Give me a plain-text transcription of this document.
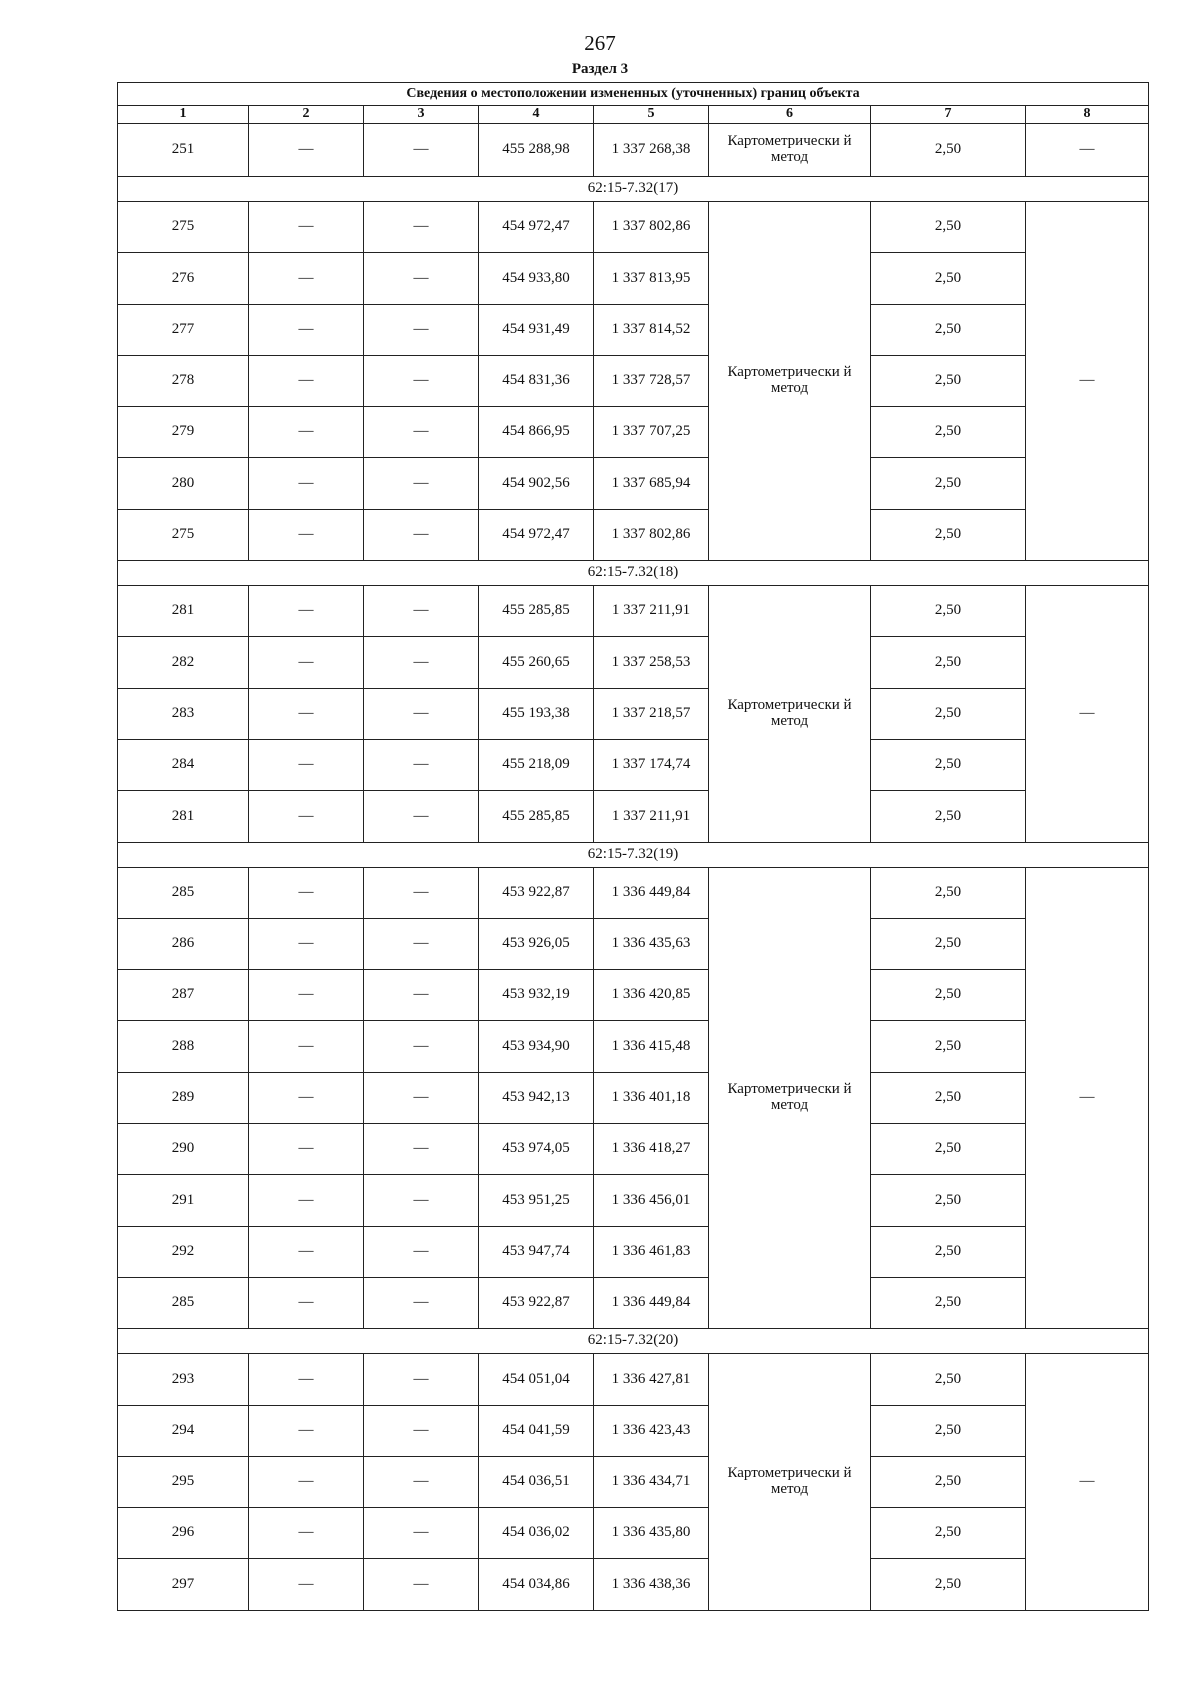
267
Раздел 3
Сведения о местоположении измененных (уточненных) границ объекта							
1	2	3	4	5	6	7	8
251	—	—	455 288,98	1 337 268,38	Картометрически й метод	2,50	—
62:15-7.32(17)							
275	—	—	454 972,47	1 337 802,86	Картометрически й метод	2,50	—
276	—	—	454 933,80	1 337 813,95		2,50	
277	—	—	454 931,49	1 337 814,52		2,50	
278	—	—	454 831,36	1 337 728,57		2,50	
279	—	—	454 866,95	1 337 707,25		2,50	
280	—	—	454 902,56	1 337 685,94		2,50	
275	—	—	454 972,47	1 337 802,86		2,50	
62:15-7.32(18)							
281	—	—	455 285,85	1 337 211,91	Картометрически й метод	2,50	—
282	—	—	455 260,65	1 337 258,53		2,50	
283	—	—	455 193,38	1 337 218,57		2,50	
284	—	—	455 218,09	1 337 174,74		2,50	
281	—	—	455 285,85	1 337 211,91		2,50	
62:15-7.32(19)							
285	—	—	453 922,87	1 336 449,84	Картометрически й метод	2,50	—
286	—	—	453 926,05	1 336 435,63		2,50	
287	—	—	453 932,19	1 336 420,85		2,50	
288	—	—	453 934,90	1 336 415,48		2,50	
289	—	—	453 942,13	1 336 401,18		2,50	
290	—	—	453 974,05	1 336 418,27		2,50	
291	—	—	453 951,25	1 336 456,01		2,50	
292	—	—	453 947,74	1 336 461,83		2,50	
285	—	—	453 922,87	1 336 449,84		2,50	
62:15-7.32(20)							
293	—	—	454 051,04	1 336 427,81	Картометрически й метод	2,50	—
294	—	—	454 041,59	1 336 423,43		2,50	
295	—	—	454 036,51	1 336 434,71		2,50	
296	—	—	454 036,02	1 336 435,80		2,50	
297	—	—	454 034,86	1 336 438,36		2,50	
